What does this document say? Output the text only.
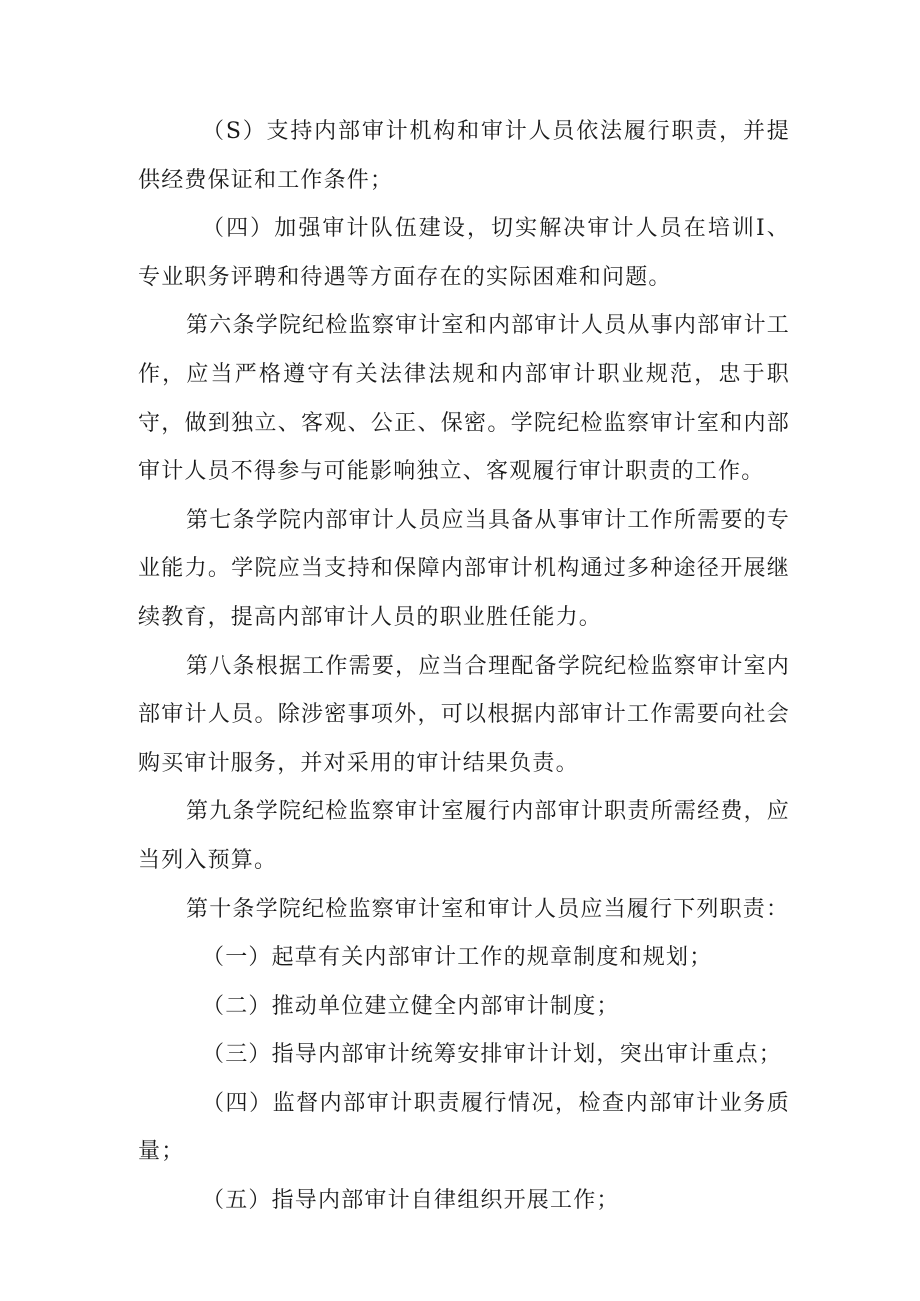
（S）支持内部审计机构和审计人员依法履行职责，并提供经费保证和工作条件；

（四）加强审计队伍建设，切实解决审计人员在培训I、专业职务评聘和待遇等方面存在的实际困难和问题。

第六条学院纪检监察审计室和内部审计人员从事内部审计工作，应当严格遵守有关法律法规和内部审计职业规范，忠于职守，做到独立、客观、公正、保密。学院纪检监察审计室和内部审计人员不得参与可能影响独立、客观履行审计职责的工作。

第七条学院内部审计人员应当具备从事审计工作所需要的专业能力。学院应当支持和保障内部审计机构通过多种途径开展继续教育，提高内部审计人员的职业胜任能力。

第八条根据工作需要，应当合理配备学院纪检监察审计室内部审计人员。除涉密事项外，可以根据内部审计工作需要向社会购买审计服务，并对采用的审计结果负责。

第九条学院纪检监察审计室履行内部审计职责所需经费，应当列入预算。

第十条学院纪检监察审计室和审计人员应当履行下列职责：

（一）起草有关内部审计工作的规章制度和规划；

（二）推动单位建立健全内部审计制度；

（三）指导内部审计统筹安排审计计划，突出审计重点；

（四）监督内部审计职责履行情况，检查内部审计业务质量；

（五）指导内部审计自律组织开展工作；
